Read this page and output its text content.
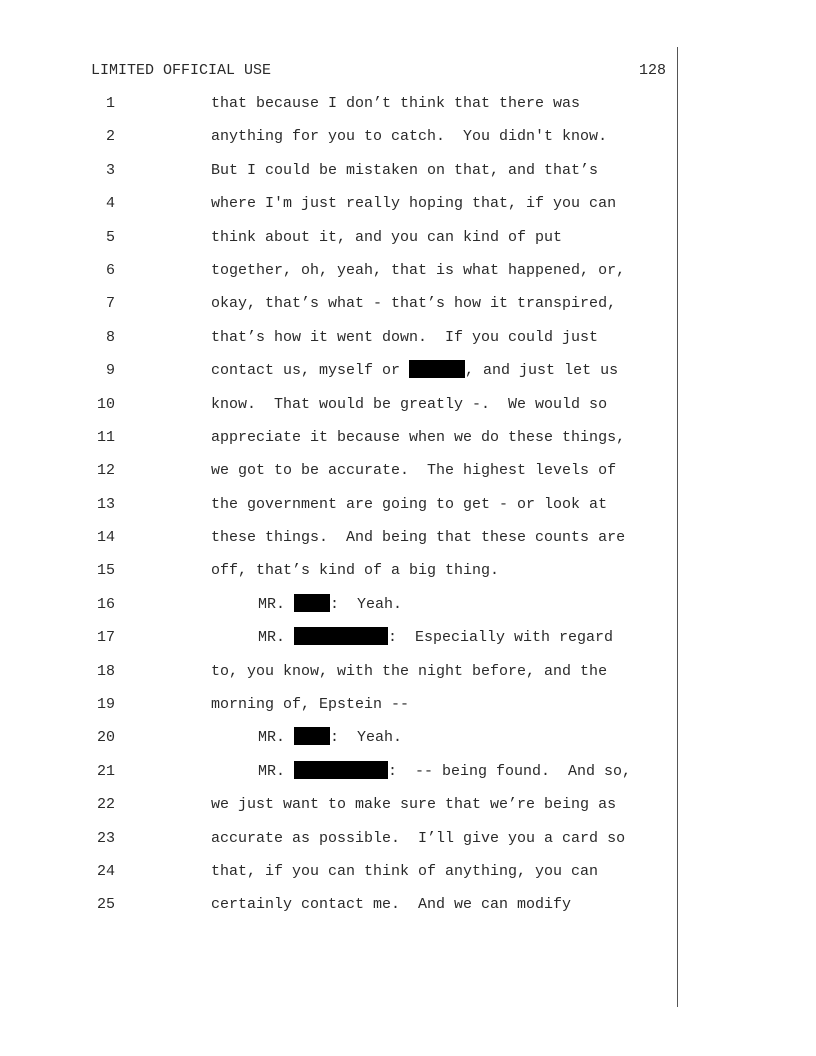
LIMITED OFFICIAL USE	128
1	that because I don’t think that there was
2	anything for you to catch.  You didn't know.
3	But I could be mistaken on that, and that’s
4	where I'm just really hoping that, if you can
5	think about it, and you can kind of put
6	together, oh, yeah, that is what happened, or,
7	okay, that’s what - that’s how it transpired,
8	that’s how it went down.  If you could just
9	contact us, myself or	, and just let us
10	know.  That would be greatly -.  We would so
11	appreciate it because when we do these things,
12	we got to be accurate.  The highest levels of
13	the government are going to get - or look at
14	these things.  And being that these counts are
15	off, that’s kind of a big thing.
16	MR. :  Yeah.
17	MR.	:  Especially with regard
18	to, you know, with the night before, and the
19	morning of, Epstein --
20	MR. :  Yeah.
21	MR.	:  -- being found.  And so,
22	we just want to make sure that we’re being as
23	accurate as possible.  I’ll give you a card so
24	that, if you can think of anything, you can
25	certainly contact me.  And we can modify
